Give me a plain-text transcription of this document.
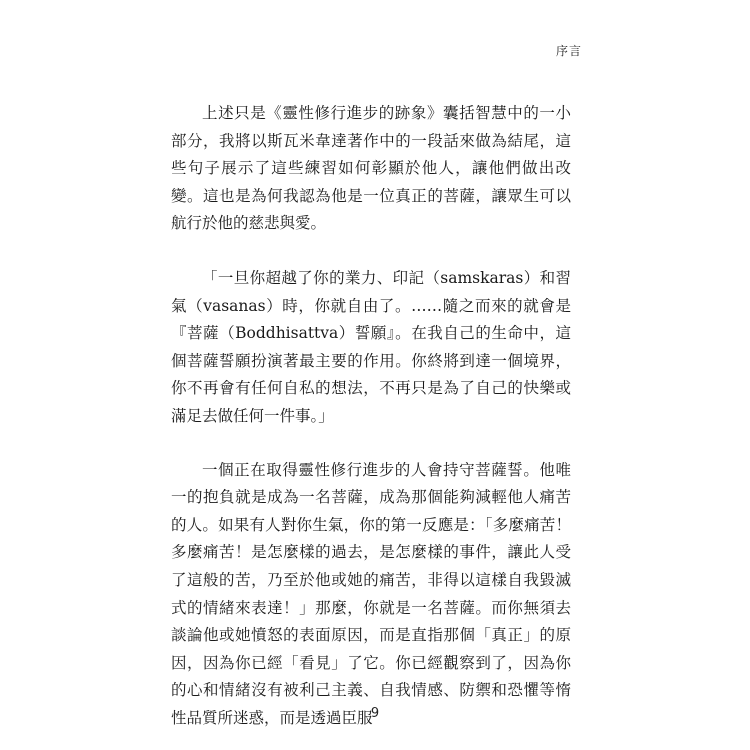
序言

上述只是《靈性修行進步的跡象》囊括智慧中的一小部分，我將以斯瓦米韋達著作中的一段話來做為結尾，這些句子展示了這些練習如何彰顯於他人，讓他們做出改變。這也是為何我認為他是一位真正的菩薩，讓眾生可以航行於他的慈悲與愛。

「一旦你超越了你的業力、印記（samskaras）和習氣（vasanas）時，你就自由了。……隨之而來的就會是『菩薩（Boddhisattva）誓願』。在我自己的生命中，這個菩薩誓願扮演著最主要的作用。你終將到達一個境界，你不再會有任何自私的想法，不再只是為了自己的快樂或滿足去做任何一件事。」

一個正在取得靈性修行進步的人會持守菩薩誓。他唯一的抱負就是成為一名菩薩，成為那個能夠減輕他人痛苦的人。如果有人對你生氣，你的第一反應是：「多麼痛苦！多麼痛苦！是怎麼樣的過去，是怎麼樣的事件，讓此人受了這般的苦，乃至於他或她的痛苦，非得以這樣自我毀滅式的情緒來表達！」那麼，你就是一名菩薩。而你無須去談論他或她憤怒的表面原因，而是直指那個「真正」的原因，因為你已經「看見」了它。你已經觀察到了，因為你的心和情緒沒有被利己主義、自我情感、防禦和恐懼等惰性品質所迷惑，而是透過臣服

9
